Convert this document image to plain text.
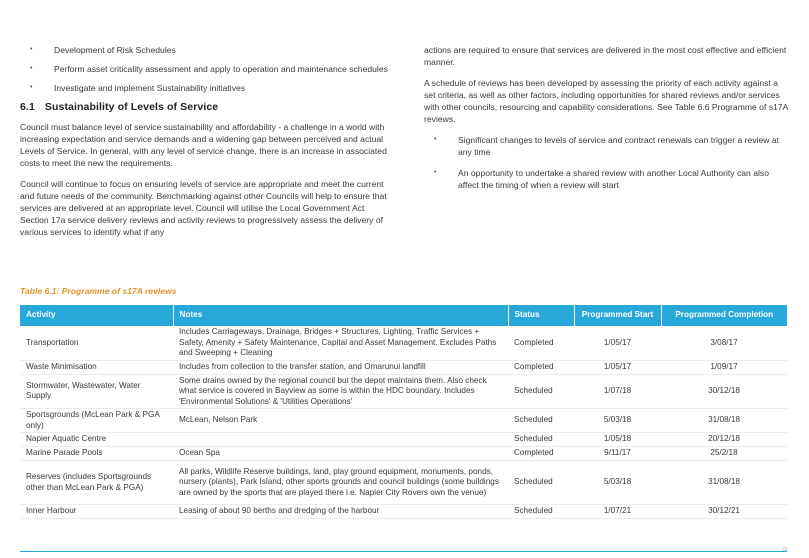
• Development of Risk Schedules
• Perform asset criticality assessment and apply to operation and maintenance schedules
• Investigate and implement Sustainability initiatives
6.1 Sustainability of Levels of Service

Council must balance level of service sustainability and affordability - a challenge in a world with increasing expectation and service demands and a widening gap between perceived and actual Levels of Service. In general, with any level of service change, there is an increase in associated costs to meet the new the requirements.

Council will continue to focus on ensuring levels of service are appropriate and meet the current and future needs of the community. Benchmarking against other Councils will help to ensure that services are delivered at an appropriate level. Council will utilise the Local Government Act Section 17a service delivery reviews and activity reviews to progressively assess the delivery of various services to identify what if any

actions are required to ensure that services are delivered in the most cost effective and efficient manner.

A schedule of reviews has been developed by assessing the priority of each activity against a set criteria, as well as other factors, including opportunities for shared reviews and/or services with other councils, resourcing and capability considerations. See Table 6.6 Programme of s17A reviews.

• Significant changes to levels of service and contract renewals can trigger a review at any time
• An opportunity to undertake a shared review with another Local Authority can also affect the timing of when a review will start
Table 6.1: Programme of s17A reviews
Activity	Notes	Status	Programmed Start	Programmed Completion
Transportation	Includes Carriageways, Drainage, Bridges + Structures, Lighting, Traffic Services + Safety, Amenity + Safety Maintenance, Capital and Asset Management. Excludes Paths and Sweeping + Cleaning	Completed	1/05/17	3/08/17
Waste Minimisation	Includes from collection to the transfer station, and Omarunui landfill	Completed	1/05/17	1/09/17
Stormwater, Wastewater, Water Supply	Some drains owned by the regional council but the depot maintains them. Also check what service is covered in Bayview as some is within the HDC boundary. Includes 'Environmental Solutions' & 'Utilities Operations'	Scheduled	1/07/18	30/12/18
Sportsgrounds (McLean Park & PGA only)	McLean, Nelson Park	Scheduled	5/03/18	31/08/18
Napier Aquatic Centre		Scheduled	1/05/18	20/12/18
Marine Parade Pools	Ocean Spa	Completed	9/11/17	25/2/18
Reserves (includes Sportsgrounds other than McLean Park & PGA)	All parks, Wildlife Reserve buildings, land, play ground equipment, monuments, ponds, nursery (plants), Park Island, other sports grounds and council buildings (some buildings are owned by the sports that are played there i.e. Napier City Rovers own the venue)	Scheduled	5/03/18	31/08/18
Inner Harbour	Leasing of about 90 berths and dredging of the harbour	Scheduled	1/07/21	30/12/21
32
